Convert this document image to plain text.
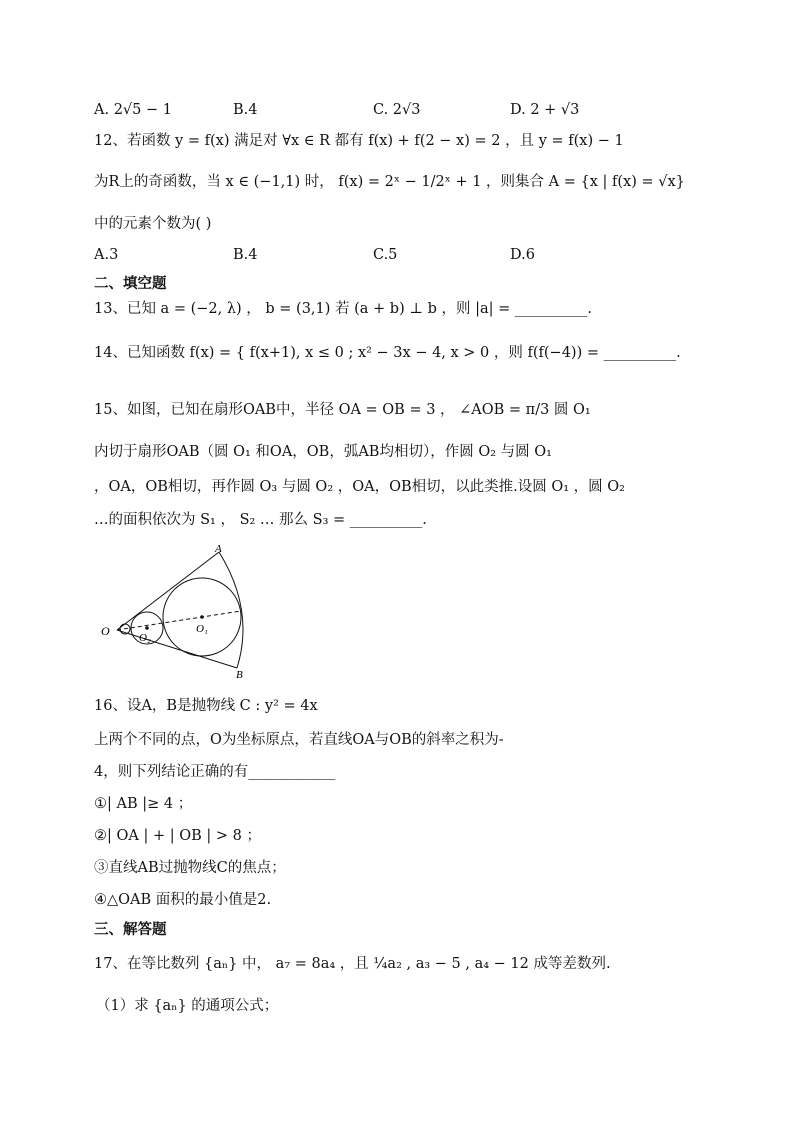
A. 2√5 − 1	B.4	C. 2√3	D. 2 + √3
12、若函数 y = f(x) 满足对 ∀x ∈ R 都有 f(x) + f(2 − x) = 2 ，且 y = f(x) − 1
为R上的奇函数，当 x ∈ (−1,1) 时， f(x) = 2ˣ − 1/2ˣ + 1 ，则集合 A = {x | f(x) = √x}
中的元素个数为( )
A.3	B.4	C.5	D.6
二、填空题
13、已知 a = (−2, λ) ， b = (3,1) 若 (a + b) ⊥ b ，则 |a| = __________.
14、已知函数 f(x) = { f(x+1), x ≤ 0 ; x² − 3x − 4, x > 0 ，则 f(f(−4)) = __________.
15、如图，已知在扇形OAB中，半径 OA = OB = 3 ， ∠AOB = π/3 圆 O₁
内切于扇形OAB（圆 O₁ 和OA，OB，弧AB均相切），作圆 O₂ 与圆 O₁
，OA，OB相切，再作圆 O₃ 与圆 O₂ ，OA，OB相切，以此类推.设圆 O₁ ，圆 O₂
…的面积依次为 S₁ ， S₂ … 那么 S₃ = __________.
O
A
B
O₁
O₂
16、设A，B是抛物线 C : y² = 4x
上两个不同的点，O为坐标原点，若直线OA与OB的斜率之积为-
4，则下列结论正确的有____________
①| AB |≥ 4 ；
②| OA | + | OB | > 8 ；
③直线AB过抛物线C的焦点；
④△OAB 面积的最小值是2.
三、解答题
17、在等比数列 {aₙ} 中， a₇ = 8a₄ ，且 ¼a₂ , a₃ − 5 , a₄ − 12 成等差数列.
（1）求 {aₙ} 的通项公式；
